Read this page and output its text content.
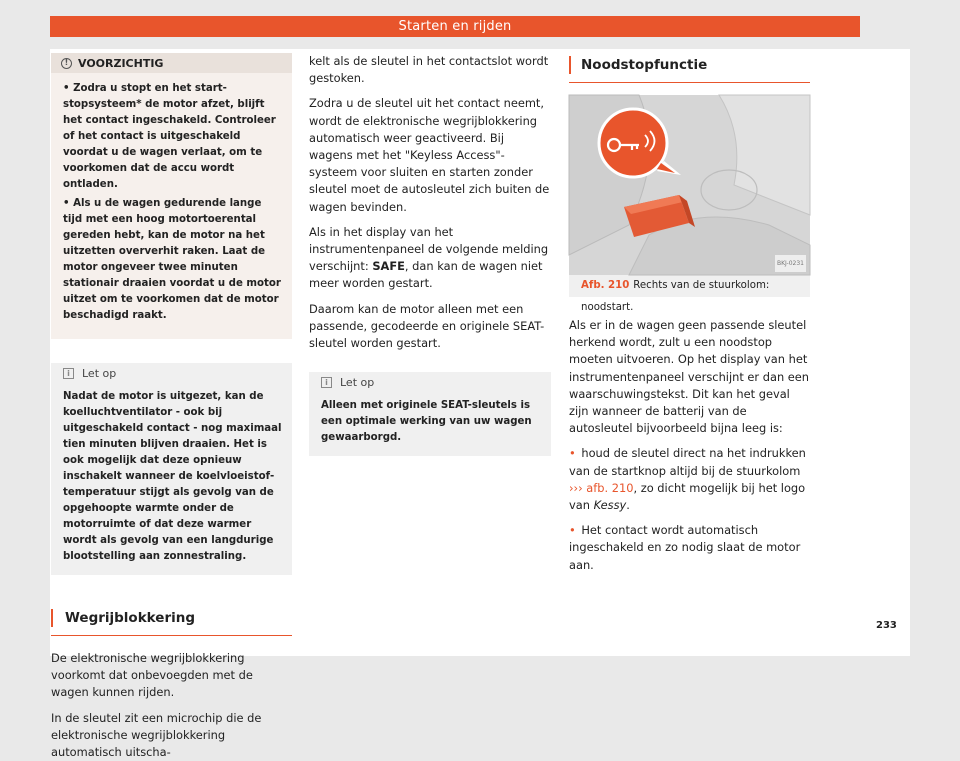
Starten en rijden
! VOORZICHTIG

• Zodra u stopt en het start-stopsysteem* de motor afzet, blijft het contact ingeschakeld. Controleer of het contact is uitgeschakeld voordat u de wagen verlaat, om te voorkomen dat de accu wordt ontladen.

• Als u de wagen gedurende lange tijd met een hoog motortoerental gereden hebt, kan de motor na het uitzetten oververhit raken. Laat de motor ongeveer twee minuten stationair draaien voordat u de motor uitzet om te voorkomen dat de motor beschadigd raakt.

i	Let op
Nadat de motor is uitgezet, kan de koelluchtventilator - ook bij uitgeschakeld contact - nog maximaal tien minuten blijven draaien. Het is ook mogelijk dat deze opnieuw inschakelt wanneer de koelvloeistoftemperatuur stijgt als gevolg van de opgehoopte warmte onder de motorruimte of dat deze warmer wordt als gevolg van een langdurige blootstelling aan zonnestraling.
Wegrijblokkering

De elektronische wegrijblokkering voorkomt dat onbevoegden met de wagen kunnen rijden.

In de sleutel zit een microchip die de elektronische wegrijblokkering automatisch uitscha-

kelt als de sleutel in het contactslot wordt gestoken.

Zodra u de sleutel uit het contact neemt, wordt de elektronische wegrijblokkering automatisch weer geactiveerd. Bij wagens met het "Keyless Access"-systeem voor sluiten en starten zonder sleutel moet de autosleutel zich buiten de wagen bevinden.

Als in het display van het instrumentenpaneel de volgende melding verschijnt: SAFE, dan kan de wagen niet meer worden gestart.

Daarom kan de motor alleen met een passende, gecodeerde en originele SEAT-sleutel worden gestart.

i	Let op
Alleen met originele SEAT-sleutels is een optimale werking van uw wagen gewaarborgd.
Noodstopfunctie
BKJ-0231
Afb. 210 Rechts van de stuurkolom: noodstart.

Als er in de wagen geen passende sleutel herkend wordt, zult u een noodstop moeten uitvoeren. Op het display van het instrumentenpaneel verschijnt er dan een waarschuwingstekst. Dit kan het geval zijn wanneer de batterij van de autosleutel bijvoorbeeld bijna leeg is:

• houd de sleutel direct na het indrukken van de startknop altijd bij de stuurkolom ››› afb. 210, zo dicht mogelijk bij het logo van Kessy.

• Het contact wordt automatisch ingeschakeld en zo nodig slaat de motor aan.

233
